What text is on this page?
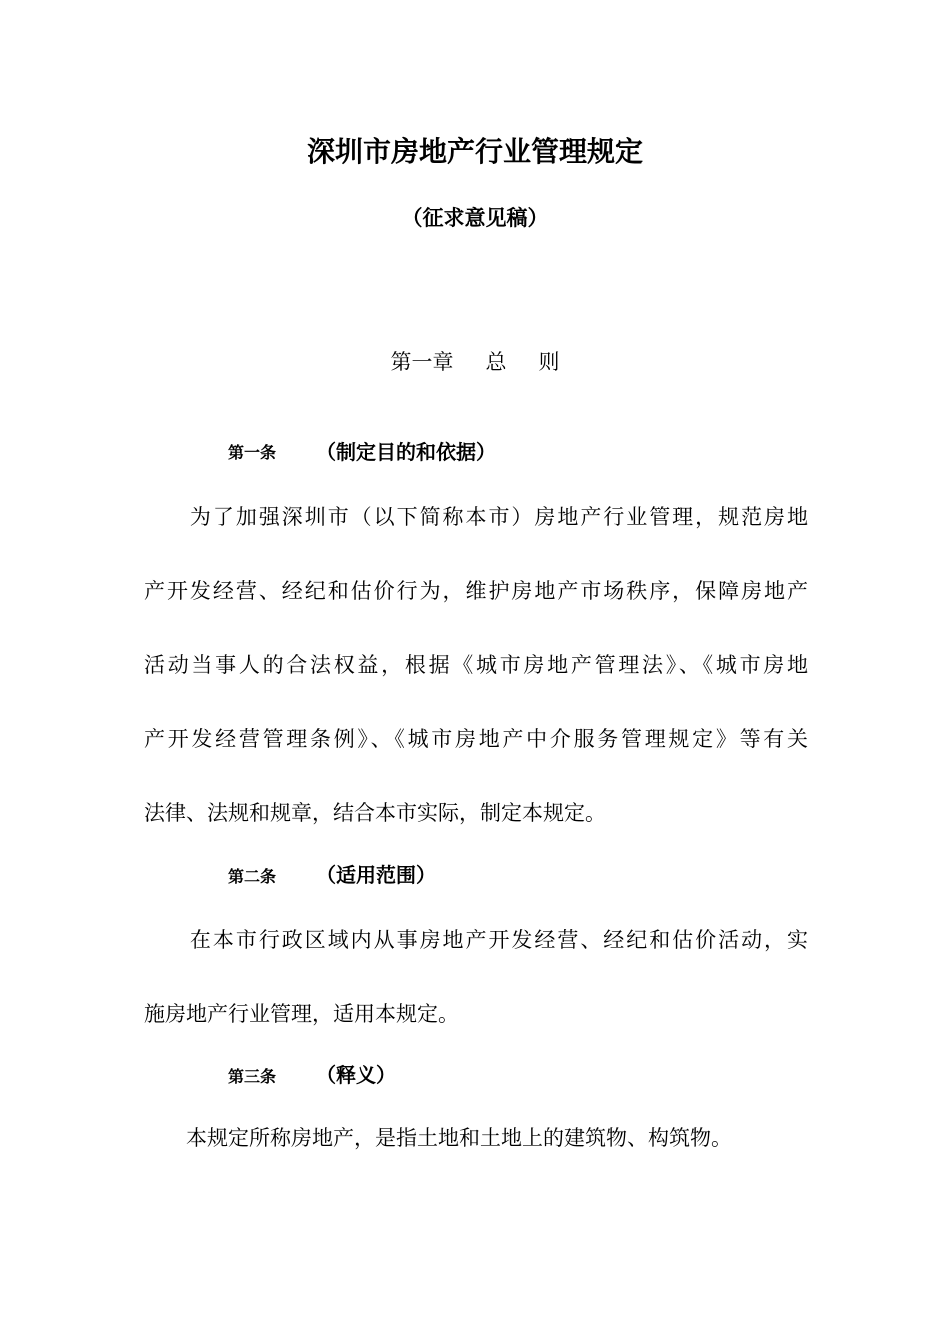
深圳市房地产行业管理规定
（征求意见稿）
第一章 总 则
第一条 （制定目的和依据）
　　为了加强深圳市（以下简称本市）房地产行业管理，规范房地
产开发经营、经纪和估价行为，维护房地产市场秩序，保障房地产
活动当事人的合法权益，根据《城市房地产管理法》、《城市房地
产开发经营管理条例》、《城市房地产中介服务管理规定》等有关
法律、法规和规章，结合本市实际，制定本规定。
第二条 （适用范围）
　　在本市行政区域内从事房地产开发经营、经纪和估价活动，实
施房地产行业管理，适用本规定。
第三条 （释义）
　　本规定所称房地产，是指土地和土地上的建筑物、构筑物。
